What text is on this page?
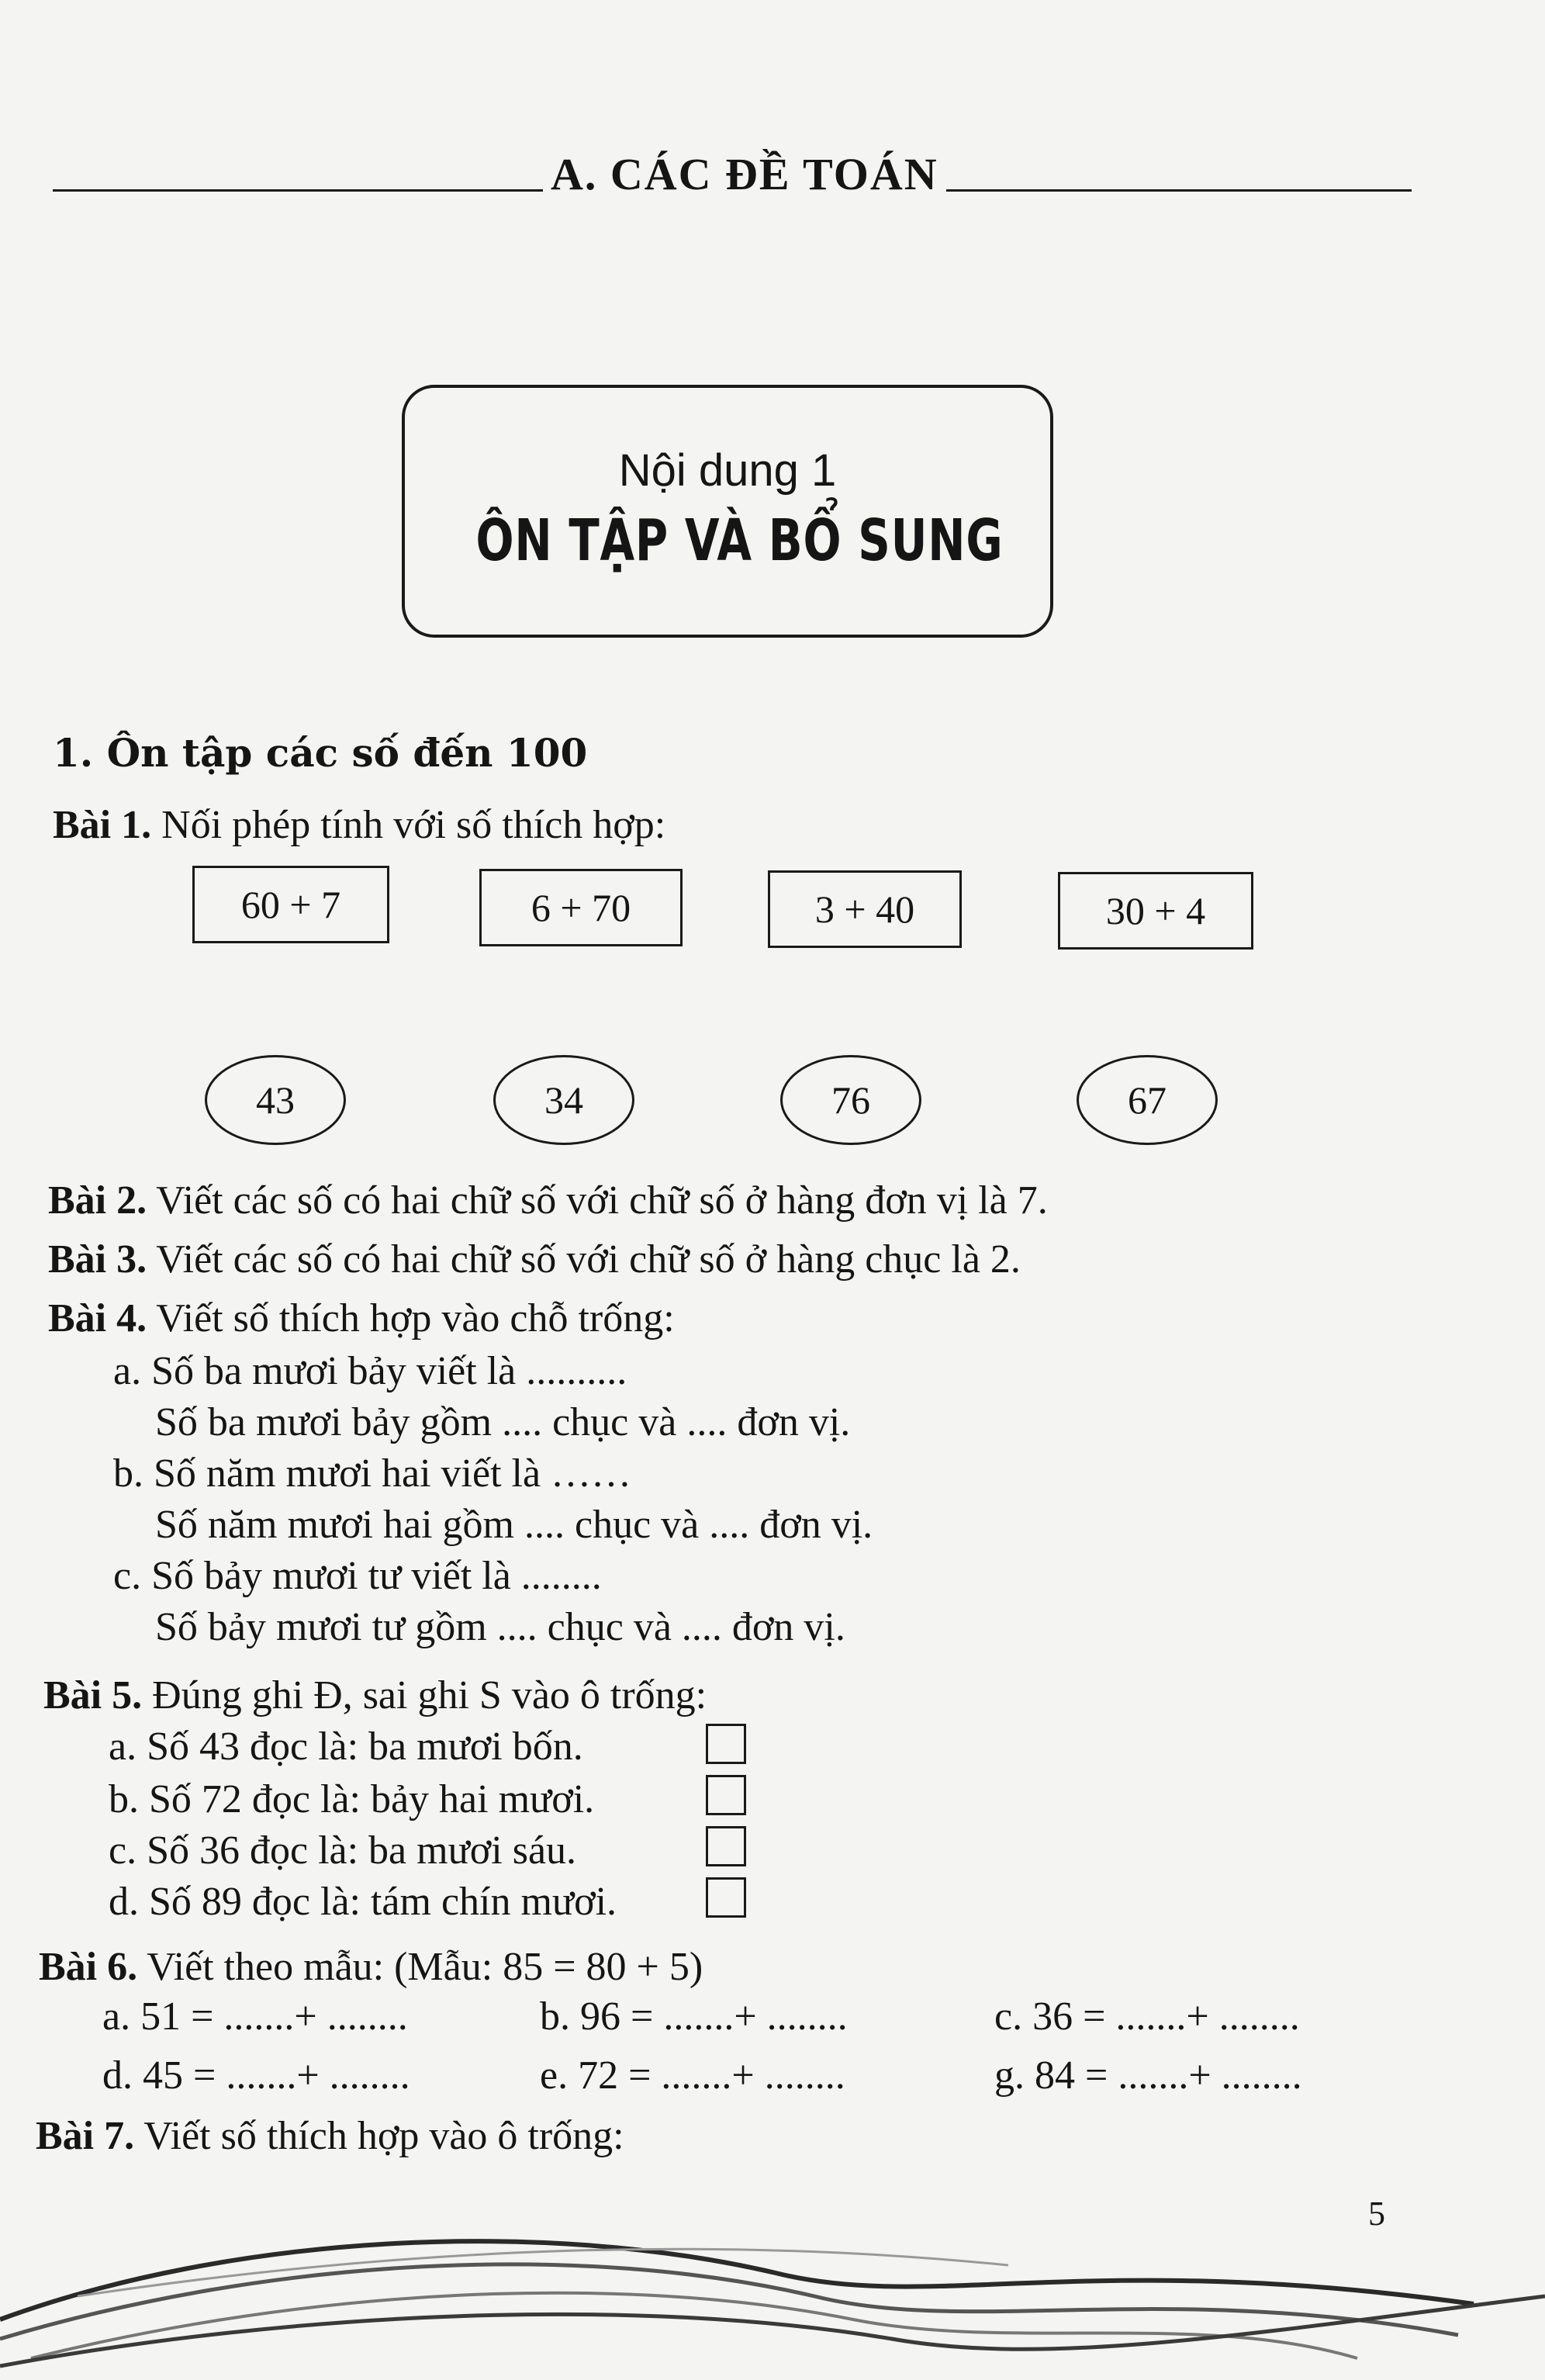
A. CÁC ĐỀ TOÁN
Nội dung 1
ÔN TẬP VÀ BỔ SUNG
1. Ôn tập các số đến 100
Bài 1. Nối phép tính với số thích hợp:
60 + 7	6 + 70	3 + 40	30 + 4
43	34	76	67
Bài 2. Viết các số có hai chữ số với chữ số ở hàng đơn vị là 7.
Bài 3. Viết các số có hai chữ số với chữ số ở hàng chục là 2.
Bài 4. Viết số thích hợp vào chỗ trống:
a. Số ba mươi bảy viết là ..........
Số ba mươi bảy gồm .... chục và .... đơn vị.
b. Số năm mươi hai viết là ……
Số năm mươi hai gồm .... chục và .... đơn vị.
c. Số bảy mươi tư viết là ........
Số bảy mươi tư gồm .... chục và .... đơn vị.
Bài 5. Đúng ghi Đ, sai ghi S vào ô trống:
a. Số 43 đọc là: ba mươi bốn.
b. Số 72 đọc là: bảy hai mươi.
c. Số 36 đọc là: ba mươi sáu.
d. Số 89 đọc là: tám chín mươi.
Bài 6. Viết theo mẫu: (Mẫu: 85 = 80 + 5)
a. 51 = .......+ ........	b. 96 = .......+ ........	c. 36 = .......+ ........
d. 45 = .......+ ........	e. 72 = .......+ ........	g. 84 = .......+ ........
Bài 7. Viết số thích hợp vào ô trống:
5
